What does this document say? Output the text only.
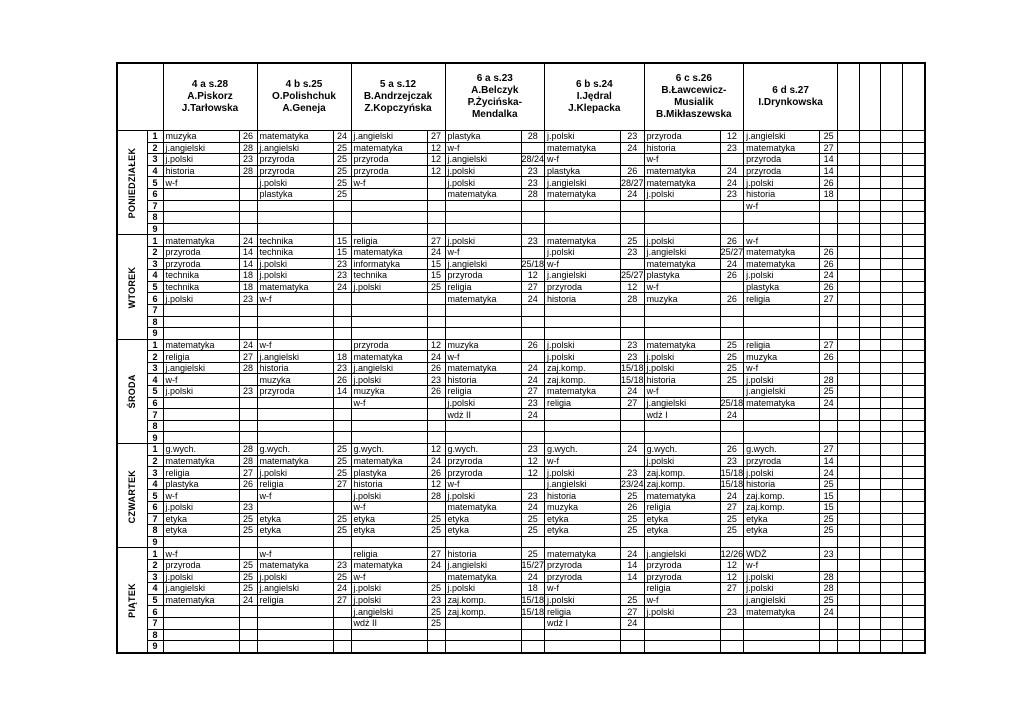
		4 a s.28
A.Piskorz
J.Tarłowska		4 b s.25
O.Polishchuk
A.Geneja		5 a s.12
B.Andrzejczak
Z.Kopczyńska		6 a s.23
A.Belczyk
P.Życińska-
Mendalka		6 b s.24
I.Jędral
J.Klepacka		6 c s.26
B.Ławcewicz-
Musialik
B.Mikłaszewska		6 d s.27
I.Drynkowska					

PONIEDZIAŁEK	1	muzyka	26	matematyka	24	j.angielski	27	plastyka	28	j.polski	23	przyroda	12	j.angielski	25				
	2	j.angielski	28	j.angielski	25	matematyka	12	w-f		matematyka	24	historia	23	matematyka	27				
	3	j.polski	23	przyroda	25	przyroda	12	j.angielski	28/24	w-f		w-f		przyroda	14				
	4	historia	28	przyroda	25	przyroda	12	j.polski	23	plastyka	26	matematyka	24	przyroda	14				
	5	w-f		j.polski	25	w-f		j.polski	23	j.angielski	28/27	matematyka	24	j.polski	26				
	6			plastyka	25			matematyka	28	matematyka	24	j.polski	23	historia	18				
	7													w-f					
	8																		
	9																		
WTOREK	1	matematyka	24	technika	15	religia	27	j.polski	23	matematyka	25	j.polski	26	w-f					
	2	przyroda	14	technika	15	matematyka	24	w-f		j.polski	23	j.angielski	25/27	matematyka	26				
	3	przyroda	14	j.polski	23	informatyka	15	j.angielski	25/18	w-f		matematyka	24	matematyka	26				
	4	technika	18	j.polski	23	technika	15	przyroda	12	j.angielski	25/27	plastyka	26	j.polski	24				
	5	technika	18	matematyka	24	j.polski	25	religia	27	przyroda	12	w-f		plastyka	26				
	6	j.polski	23	w-f				matematyka	24	historia	28	muzyka	26	religia	27				
	7																		
	8																		
	9																		
ŚRODA	1	matematyka	24	w-f		przyroda	12	muzyka	26	j.polski	23	matematyka	25	religia	27				
	2	religia	27	j.angielski	18	matematyka	24	w-f		j.polski	23	j.polski	25	muzyka	26				
	3	j.angielski	28	historia	23	j.angielski	26	matematyka	24	zaj.komp.	15/18	j.polski	25	w-f					
	4	w-f		muzyka	26	j.polski	23	historia	24	zaj.komp.	15/18	historia	25	j.polski	28				
	5	j.polski	23	przyroda	14	muzyka	26	religia	27	matematyka	24	w-f		j.angielski	25				
	6					w-f		j.polski	23	religia	27	j.angielski	25/18	matematyka	24				
	7							wdż II	24			wdż I	24						
	8																		
	9																		
CZWARTEK	1	g.wych.	28	g.wych.	25	g.wych.	12	g.wych.	23	g.wych.	24	g.wych.	26	g.wych.	27				
	2	matematyka	28	matematyka	25	matematyka	24	przyroda	12	w-f		j.polski	23	przyroda	14				
	3	religia	27	j.polski	25	plastyka	26	przyroda	12	j.polski	23	zaj.komp.	15/18	j.polski	24				
	4	plastyka	26	religia	27	historia	12	w-f		j.angielski	23/24	zaj.komp.	15/18	historia	25				
	5	w-f		w-f		j.polski	28	j.polski	23	historia	25	matematyka	24	zaj.komp.	15				
	6	j.polski	23			w-f		matematyka	24	muzyka	26	religia	27	zaj.komp.	15				
	7	etyka	25	etyka	25	etyka	25	etyka	25	etyka	25	etyka	25	etyka	25				
	8	etyka	25	etyka	25	etyka	25	etyka	25	etyka	25	etyka	25	etyka	25				
	9																		
PIĄTEK	1	w-f		w-f		religia	27	historia	25	matematyka	24	j.angielski	12/26	WDŻ	23				
	2	przyroda	25	matematyka	23	matematyka	24	j.angielski	15/27	przyroda	14	przyroda	12	w-f					
	3	j.polski	25	j.polski	25	w-f		matematyka	24	przyroda	14	przyroda	12	j.polski	28				
	4	j.angielski	25	j.angielski	24	j.polski	25	j.polski	18	w-f		religia	27	j.polski	28				
	5	matematyka	24	religia	27	j.polski	23	zaj.komp.	15/18	j.polski	25	w-f		j.angielski	25				
	6					j.angielski	25	zaj.komp.	15/18	religia	27	j.polski	23	matematyka	24				
	7					wdż II	25			wdż I	24								
	8																		
	9																		
